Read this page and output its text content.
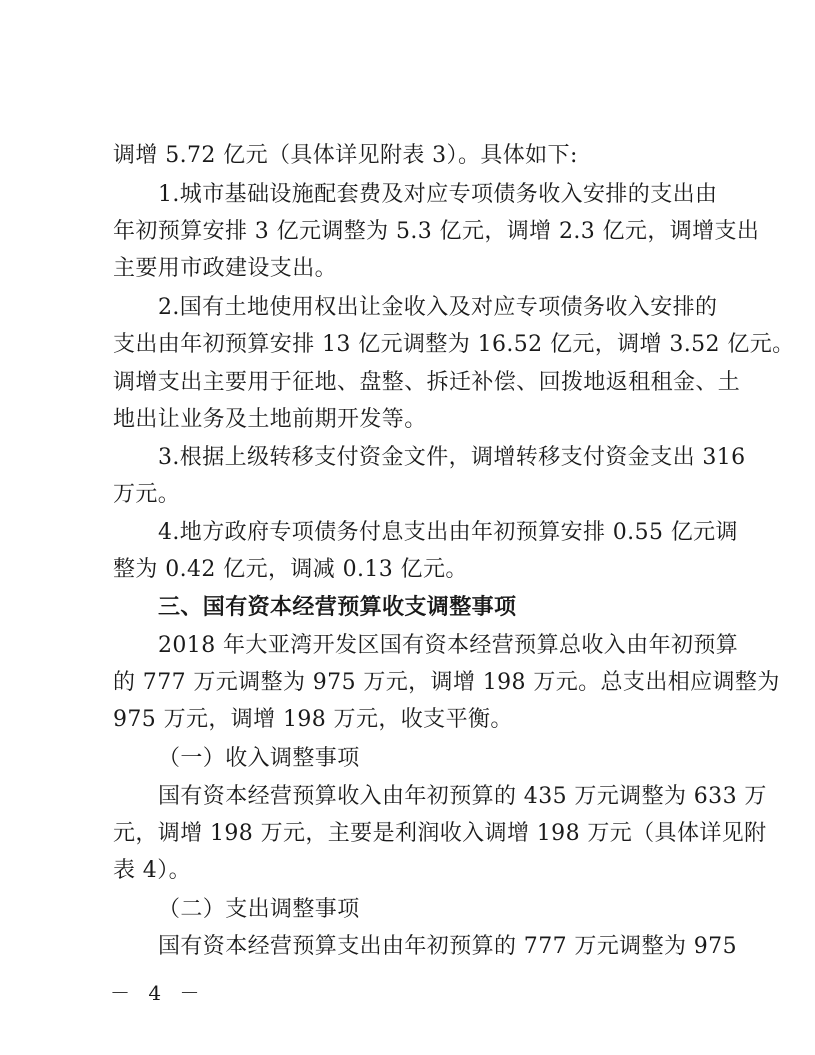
调增 5.72 亿元（具体详见附表 3）。具体如下:
1.城市基础设施配套费及对应专项债务收入安排的支出由
年初预算安排 3 亿元调整为 5.3 亿元，调增 2.3 亿元，调增支出
主要用市政建设支出。
2.国有土地使用权出让金收入及对应专项债务收入安排的
支出由年初预算安排 13 亿元调整为 16.52 亿元，调增 3.52 亿元。
调增支出主要用于征地、盘整、拆迁补偿、回拨地返租租金、土
地出让业务及土地前期开发等。
3.根据上级转移支付资金文件，调增转移支付资金支出 316
万元。
4.地方政府专项债务付息支出由年初预算安排 0.55 亿元调
整为 0.42 亿元，调减 0.13 亿元。
三、国有资本经营预算收支调整事项
2018 年大亚湾开发区国有资本经营预算总收入由年初预算
的 777 万元调整为 975 万元，调增 198 万元。总支出相应调整为
975 万元，调增 198 万元，收支平衡。
（一）收入调整事项
国有资本经营预算收入由年初预算的 435 万元调整为 633 万
元，调增 198 万元，主要是利润收入调增 198 万元（具体详见附
表 4）。
（二）支出调整事项
国有资本经营预算支出由年初预算的 777 万元调整为 975
－ 4 －
